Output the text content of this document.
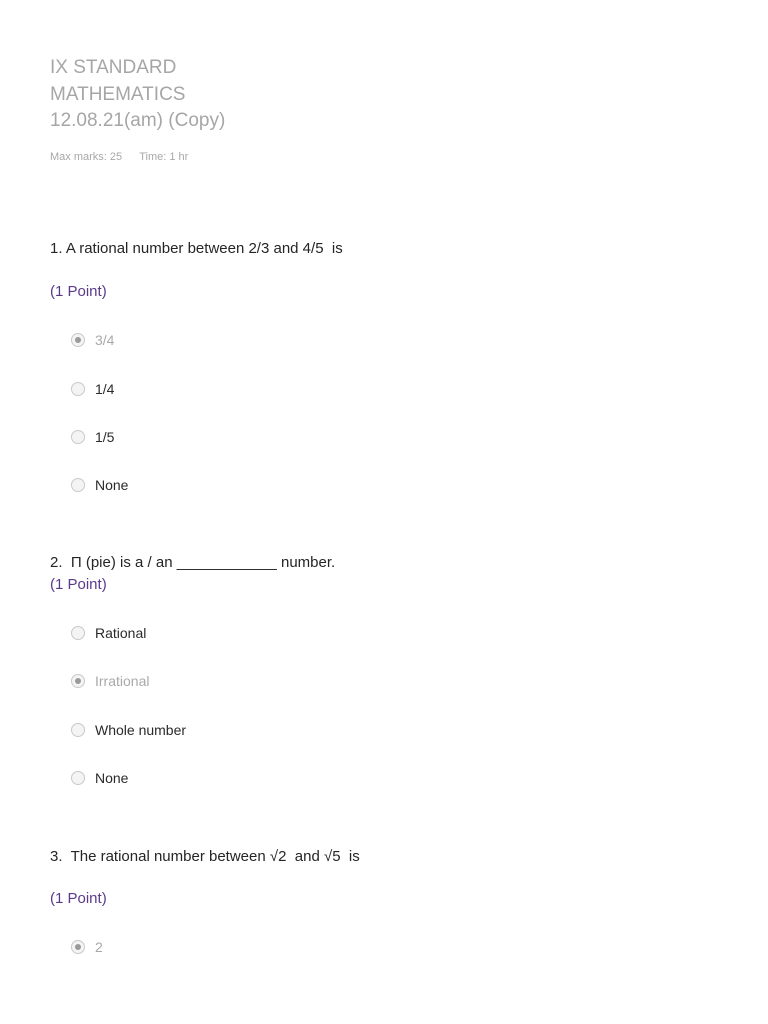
IX STANDARD
MATHEMATICS
12.08.21(am) (Copy)
Max marks: 25 Time: 1 hr
1. A rational number between 2/3 and 4/5  is
(1 Point)
3/4
1/4
1/5
None
2.  Π (pie) is a / an ____________ number.
(1 Point)
Rational
Irrational
Whole number
None
3.  The rational number between √2  and √5  is
(1 Point)
2
